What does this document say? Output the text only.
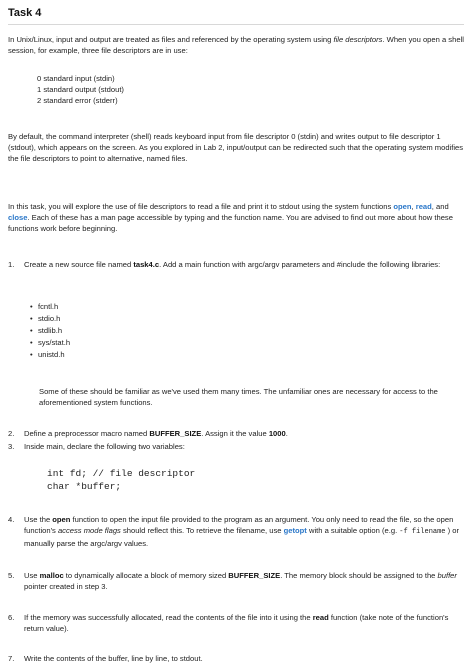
Task 4
In Unix/Linux, input and output are treated as files and referenced by the operating system using file descriptors. When you open a shell session, for example, three file descriptors are in use:
0 standard input (stdin)
1 standard output (stdout)
2 standard error (stderr)
By default, the command interpreter (shell) reads keyboard input from file descriptor 0 (stdin) and writes output to file descriptor 1 (stdout), which appears on the screen. As you explored in Lab 2, input/output can be redirected such that the operating system modifies the file descriptors to point to alternative, named files.
In this task, you will explore the use of file descriptors to read a file and print it to stdout using the system functions open, read, and close. Each of these has a man page accessible by typing and the function name. You are advised to find out more about how these functions work before beginning.
1.	Create a new source file named task4.c. Add a main function with argc/argv parameters and #include the following libraries:
• fcntl.h
• stdio.h
• stdlib.h
• sys/stat.h
• unistd.h
Some of these should be familiar as we've used them many times. The unfamiliar ones are necessary for access to the aforementioned system functions.
2.	Define a preprocessor macro named BUFFER_SIZE. Assign it the value 1000.
3.	Inside main, declare the following two variables:
int fd; // file descriptor
char *buffer;
4.	Use the open function to open the input file provided to the program as an argument. You only need to read the file, so the open function's access mode flags should reflect this. To retrieve the filename, use getopt with a suitable option (e.g. -f filename ) or manually parse the argc/argv values.
5.	Use malloc to dynamically allocate a block of memory sized BUFFER_SIZE. The memory block should be assigned to the buffer pointer created in step 3.
6.	If the memory was successfully allocated, read the contents of the file into it using the read function (take note of the function's return value).
7.	Write the contents of the buffer, line by line, to stdout.
